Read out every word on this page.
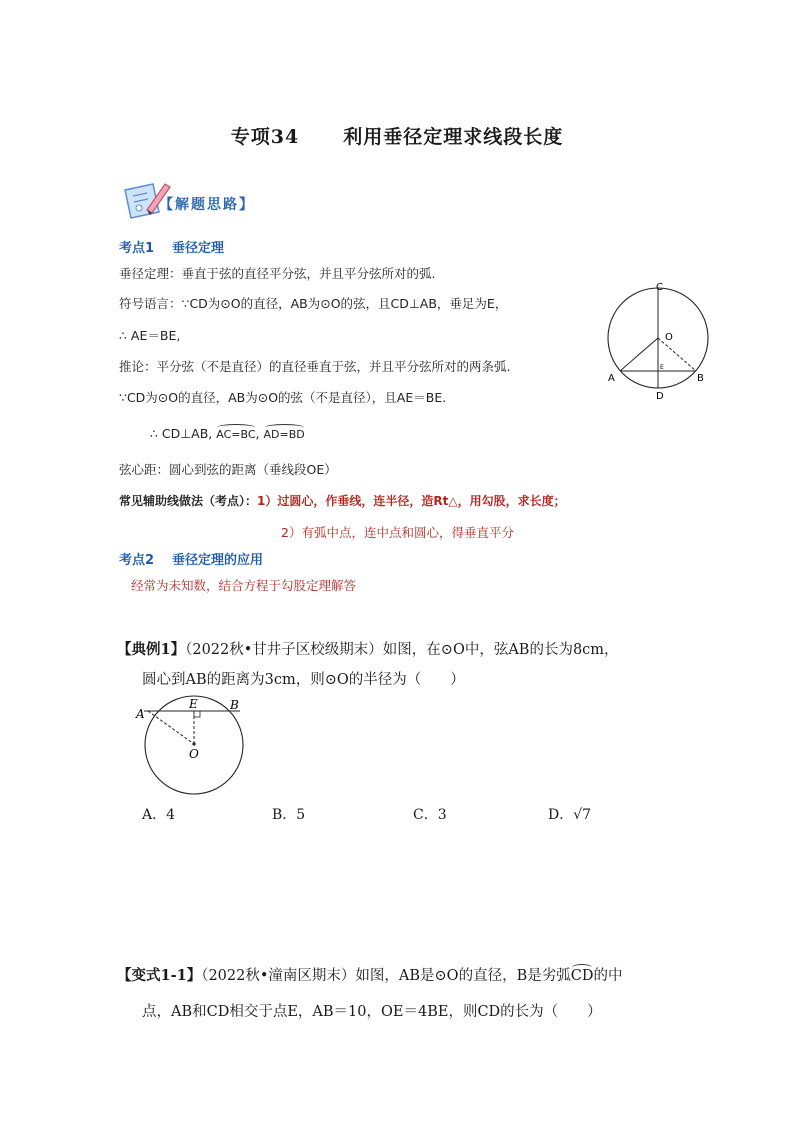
专项34 利用垂径定理求线段长度
【解题思路】
考点1 垂径定理
垂径定理：垂直于弦的直径平分弦，并且平分弦所对的弧.
符号语言：∵CD为⊙O的直径，AB为⊙O的弦，且CD⊥AB，垂足为E，
∴ AE＝BE,
推论：平分弦（不是直径）的直径垂直于弦，并且平分弦所对的两条弧.
∵CD为⊙O的直径，AB为⊙O的弦（不是直径），且AE＝BE.
∴ CD⊥AB, AC=BC, AD=BD
弦心距：圆心到弦的距离（垂线段OE）
常见辅助线做法（考点）：1）过圆心，作垂线，连半径，造Rt△，用勾股，求长度；
2）有弧中点，连中点和圆心，得垂直平分
考点2 垂径定理的应用
经常为未知数，结合方程于勾股定理解答
C
O
A	B
E
D
【典例1】（2022秋•甘井子区校级期末）如图，在⊙O中，弦AB的长为8cm，
圆心到AB的距离为3cm，则⊙O的半径为（　　）
A
B
E
O
A．4	B．5	C．3	D．√7
【变式1-1】（2022秋•潼南区期末）如图，AB是⊙O的直径，B是劣弧CD的中
点，AB和CD相交于点E，AB＝10，OE＝4BE，则CD的长为（　　）
